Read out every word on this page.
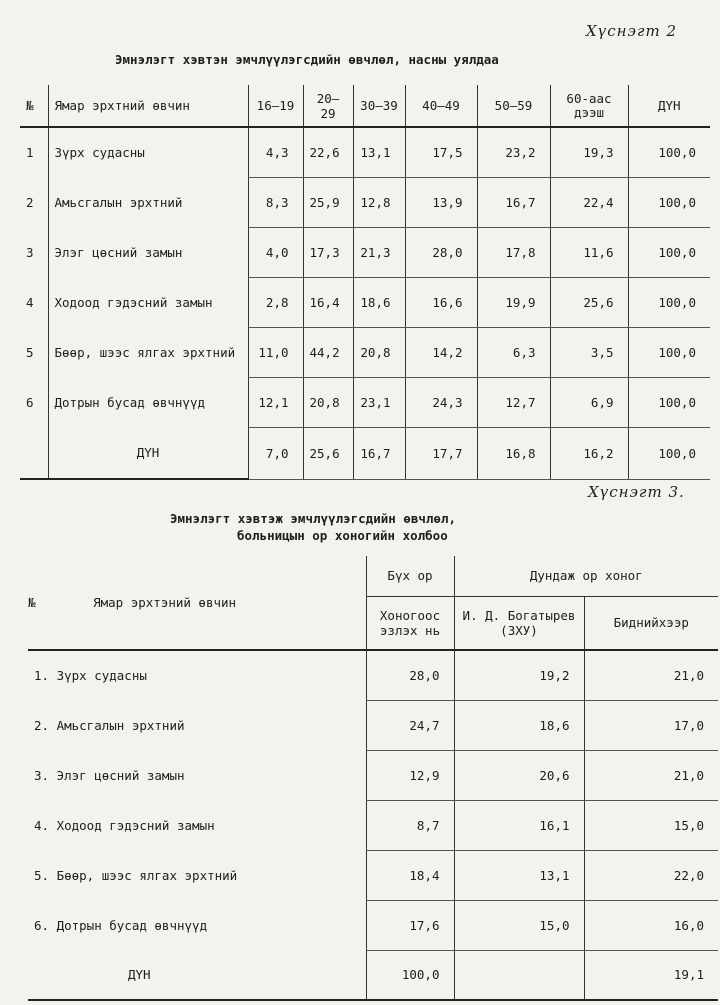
Хүснэгт 2
Эмнэлэгт хэвтэн эмчлүүлэгсдийн өвчлөл, насны уялдаа
№	Ямар эрхтний өвчин	16—19	20—29	30—39	40—49	50—59	60-аас дээш	ДҮН
1	Зүрх судасны	4,3	22,6	13,1	17,5	23,2	19,3	100,0
2	Амьсгалын эрхтний	8,3	25,9	12,8	13,9	16,7	22,4	100,0
3	Элэг цөсний замын	4,0	17,3	21,3	28,0	17,8	11,6	100,0
4	Ходоод гэдэсний замын	2,8	16,4	18,6	16,6	19,9	25,6	100,0
5	Бөөр, шээс ялгах эрхтний	11,0	44,2	20,8	14,2	6,3	3,5	100,0
6	Дотрын бусад өвчнүүд	12,1	20,8	23,1	24,3	12,7	6,9	100,0
	ДҮН	7,0	25,6	16,7	17,7	16,8	16,2	100,0
Хүснэгт 3.
Эмнэлэгт хэвтэж эмчлүүлэгсдийн өвчлөл,
больницын ор хоногийн холбоо
№ Ямар эрхтэний өвчин	Бүх ор	Дундаж ор хоног	
	Хоногоос эзлэх нь	И. Д. Богатырев (ЗХУ)	Биднийхээр
1. Зүрх судасны	28,0	19,2	21,0
2. Амьсгалын эрхтний	24,7	18,6	17,0
3. Элэг цөсний замын	12,9	20,6	21,0
4. Ходоод гэдэсний замын	8,7	16,1	15,0
5. Бөөр, шээс ялгах эрхтний	18,4	13,1	22,0
6. Дотрын бусад өвчнүүд	17,6	15,0	16,0
ДҮН	100,0		19,1
